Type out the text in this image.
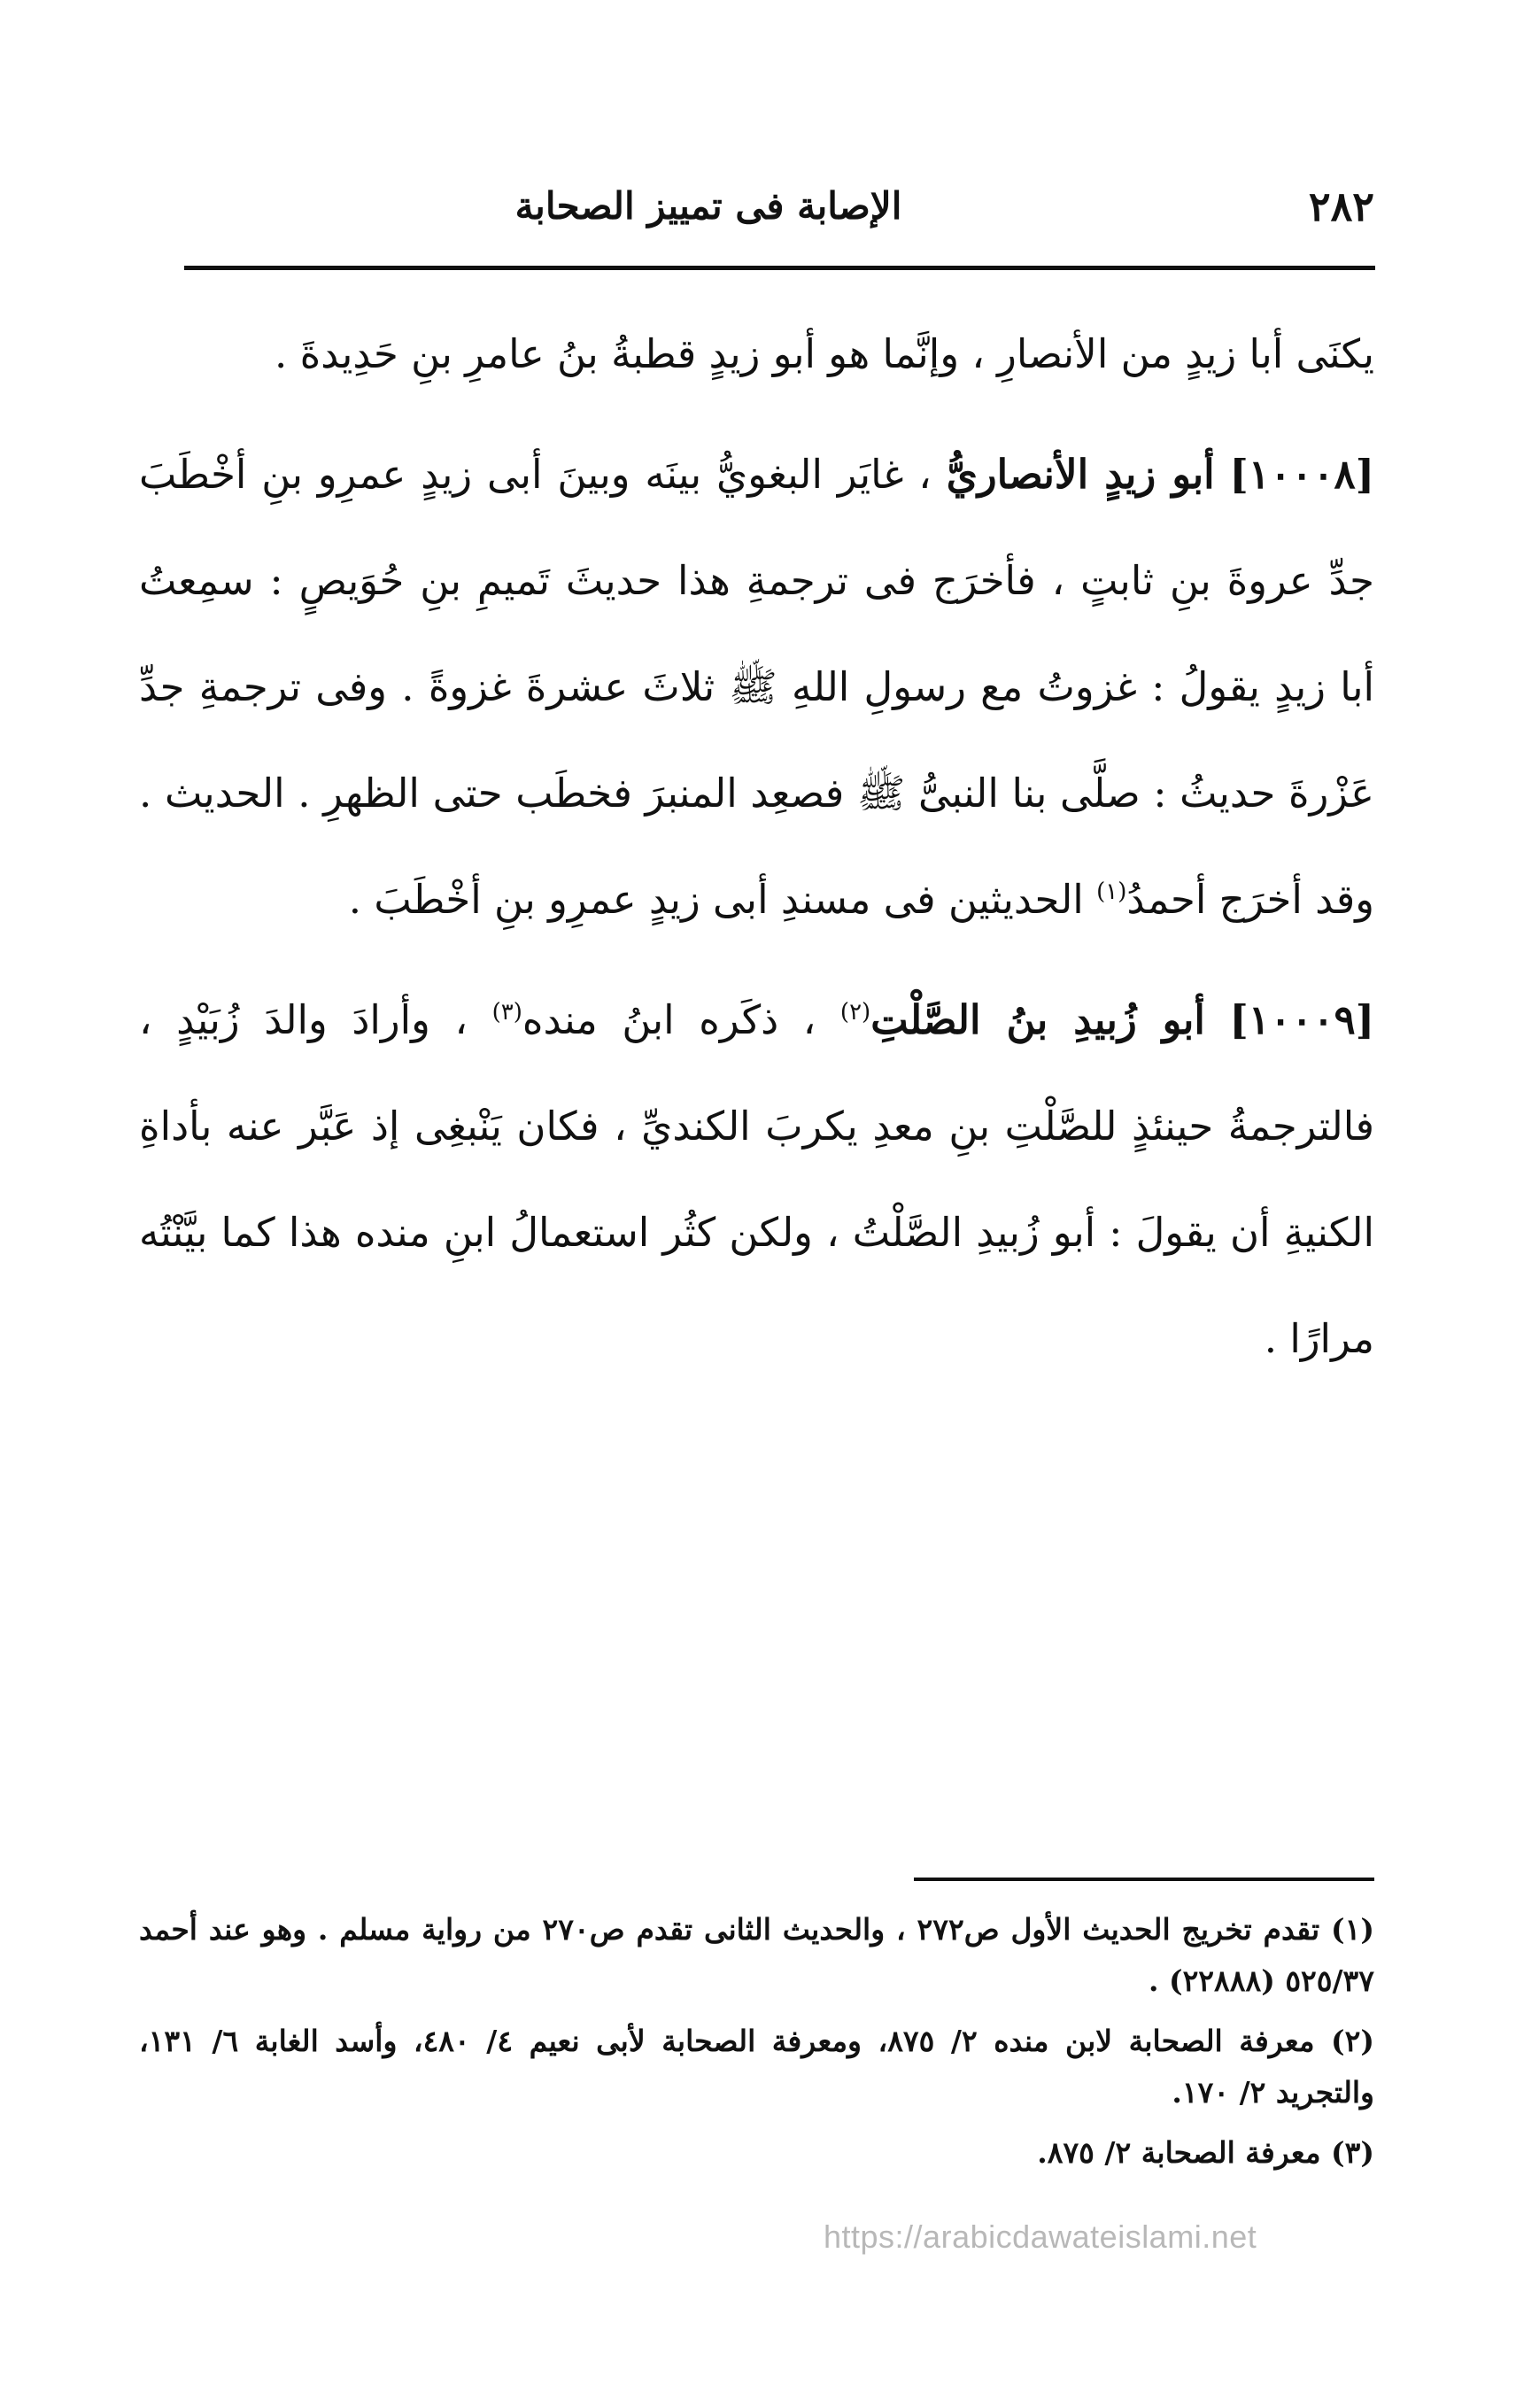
٢٨٢
الإصابة فى تمييز الصحابة

يكنَى أبا زيدٍ من الأنصارِ ، وإنَّما هو أبو زيدٍ قطبةُ بنُ عامرِ بنِ حَدِيدةَ .

[١٠٠٠٨] أبو زيدٍ الأنصاريُّ ، غايَر البغويُّ بينَه وبينَ أبى زيدٍ عمرِو بنِ أخْطَبَ جدِّ عروةَ بنِ ثابتٍ ، فأخرَج فى ترجمةِ هذا حديثَ تَميمِ بنِ حُوَيصٍ : سمِعتُ أبا زيدٍ يقولُ : غزوتُ مع رسولِ اللهِ ﷺ ثلاثَ عشرةَ غزوةً . وفى ترجمةِ جدِّ عَزْرةَ حديثُ : صلَّى بنا النبىُّ ﷺ فصعِد المنبرَ فخطَب حتى الظهرِ . الحديث . وقد أخرَج أحمدُ$^{(١)}$ الحديثين فى مسندِ أبى زيدٍ عمرِو بنِ أخْطَبَ .

[١٠٠٠٩] أبو زُبيدِ بنُ الصَّلْتِ$^{(٢)}$ ، ذكَره ابنُ منده$^{(٣)}$ ، وأرادَ والدَ زُبَيْدٍ ، فالترجمةُ حينئذٍ للصَّلْتِ بنِ معدِ يكربَ الكنديِّ ، فكان يَنْبغِى إذ عَبَّر عنه بأداةِ الكنيةِ أن يقولَ : أبو زُبيدِ الصَّلْتُ ، ولكن كثُر استعمالُ ابنِ منده هذا كما بيَّنْتُه مرارًا .

(١) تقدم تخريج الحديث الأول ص٢٧٢ ، والحديث الثانى تقدم ص٢٧٠ من رواية مسلم . وهو عند أحمد ٥٢٥/٣٧ (٢٢٨٨٨) .

(٢) معرفة الصحابة لابن منده ٢/ ٨٧٥، ومعرفة الصحابة لأبى نعيم ٤/ ٤٨٠، وأسد الغابة ٦/ ١٣١، والتجريد ٢/ ١٧٠.

(٣) معرفة الصحابة ٢/ ٨٧٥.

https://arabicdawateislami.net
